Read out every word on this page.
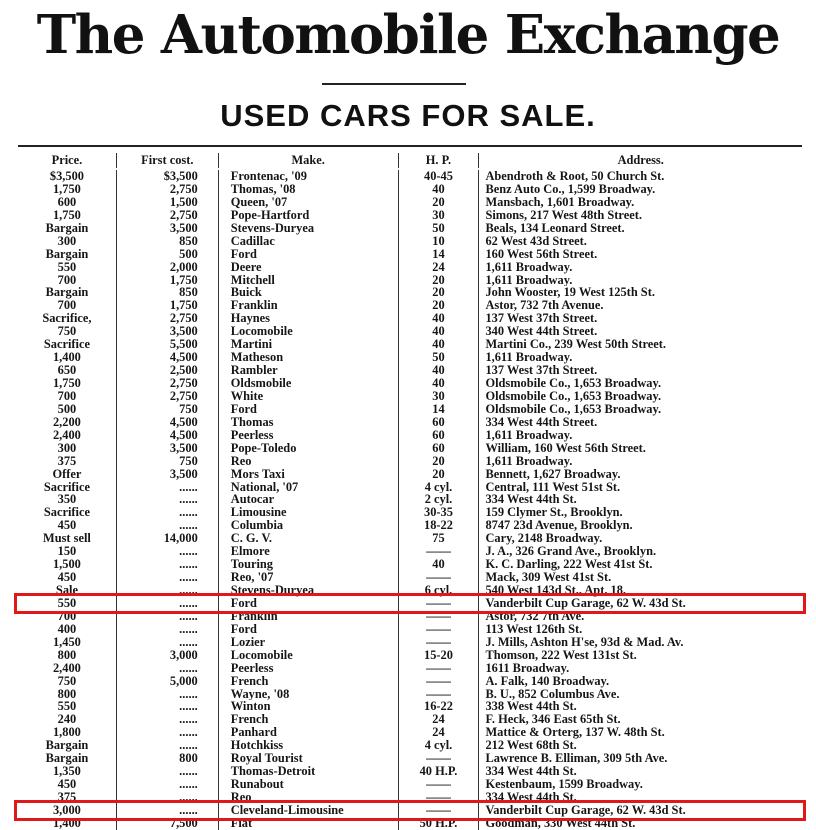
The Automobile Exchange
USED CARS FOR SALE.
Price.	First cost.	Make.	H. P.	Address.
$3,500	$3,500	Frontenac, '09	40-45	Abendroth & Root, 50 Church St.
1,750	2,750	Thomas, '08	40	Benz Auto Co., 1,599 Broadway.
600	1,500	Queen, '07	20	Mansbach, 1,601 Broadway.
1,750	2,750	Pope-Hartford	30	Simons, 217 West 48th Street.
Bargain	3,500	Stevens-Duryea	50	Beals, 134 Leonard Street.
300	850	Cadillac	10	62 West 43d Street.
Bargain	500	Ford	14	160 West 56th Street.
550	2,000	Deere	24	1,611 Broadway.
700	1,750	Mitchell	20	1,611 Broadway.
Bargain	850	Buick	20	John Wooster, 19 West 125th St.
700	1,750	Franklin	20	Astor, 732 7th Avenue.
Sacrifice,	2,750	Haynes	40	137 West 37th Street.
750	3,500	Locomobile	40	340 West 44th Street.
Sacrifice	5,500	Martini	40	Martini Co., 239 West 50th Street.
1,400	4,500	Matheson	50	1,611 Broadway.
650	2,500	Rambler	40	137 West 37th Street.
1,750	2,750	Oldsmobile	40	Oldsmobile Co., 1,653 Broadway.
700	2,750	White	30	Oldsmobile Co., 1,653 Broadway.
500	750	Ford	14	Oldsmobile Co., 1,653 Broadway.
2,200	4,500	Thomas	60	334 West 44th Street.
2,400	4,500	Peerless	60	1,611 Broadway.
300	3,500	Pope-Toledo	60	William, 160 West 56th Street.
375	750	Reo	20	1,611 Broadway.
Offer	3,500	Mors Taxi	20	Bennett, 1,627 Broadway.
Sacrifice	......	National, '07	4 cyl.	Central, 111 West 51st St.
350	......	Autocar	2 cyl.	334 West 44th St.
Sacrifice	......	Limousine	30-35	159 Clymer St., Brooklyn.
450	......	Columbia	18-22	8747 23d Avenue, Brooklyn.
Must sell	14,000	C. G. V.	75	Cary, 2148 Broadway.
150	......	Elmore	——	J. A., 326 Grand Ave., Brooklyn.
1,500	......	Touring	40	K. C. Darling, 222 West 41st St.
450	......	Reo, '07	——	Mack, 309 West 41st St.
Sale	......	Stevens-Duryea	6 cyl.	540 West 143d St., Apt. 18.
550	......	Ford	——	Vanderbilt Cup Garage, 62 W. 43d St.
700	......	Franklin	——	Astor, 732 7th Ave.
400	......	Ford	——	113 West 126th St.
1,450	......	Lozier	——	J. Mills, Ashton H'se, 93d & Mad. Av.
800	3,000	Locomobile	15-20	Thomson, 222 West 131st St.
2,400	......	Peerless	——	1611 Broadway.
750	5,000	French	——	A. Falk, 140 Broadway.
800	......	Wayne, '08	——	B. U., 852 Columbus Ave.
550	......	Winton	16-22	338 West 44th St.
240	......	French	24	F. Heck, 346 East 65th St.
1,800	......	Panhard	24	Mattice & Orterg, 137 W. 48th St.
Bargain	......	Hotchkiss	4 cyl.	212 West 68th St.
Bargain	800	Royal Tourist	——	Lawrence B. Elliman, 309 5th Ave.
1,350	......	Thomas-Detroit	40 H.P.	334 West 44th St.
450	......	Runabout	——	Kestenbaum, 1599 Broadway.
375	......	Reo	——	334 West 44th St.
3,000	......	Cleveland-Limousine	——	Vanderbilt Cup Garage, 62 W. 43d St.
1,400	7,500	Fiat	50 H.P.	Goodman, 330 West 44th St.
